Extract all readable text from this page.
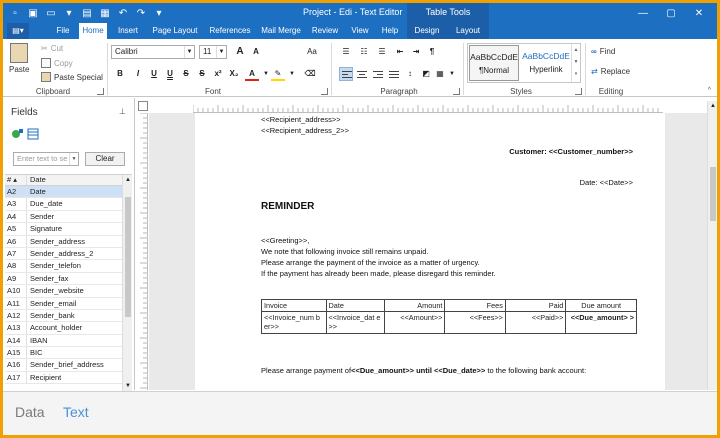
▫	▣ ▭	▾	▤ ▦ ↶ ↷	▾	Table Tools
Project - Edi - Text Editor	—	▢	✕
▤▾	File	Home	Insert	Page Layout	References	Mail Merge	Review	View	Help	Design	Layout
Paste
✂ Cut
Copy
Paste Special
Clipboard
Calibri	▼	11	▼	A	A	Aa
B	I	U	U	S	S	x² X₂	A	▼ ✎	▼	⌫
Font
☰	☷	☰	⇤	⇥	¶
↕	◩ ▦ ▼
Paragraph
AaBbCcDdE
¶Normal
AaBbCcDdE
Hyperlink
▲
▼
▾
Styles
∞ Find
⇄ Replace
Editing	^
Fields	⊥
Enter text to se ▼	Clear
# ▴	Date
A2	Date
A3	Due_date
A4	Sender
A5	Signature
A6	Sender_address
A7	Sender_address_2
A8	Sender_telefon
A9	Sender_fax
A10	Sender_website
A11	Sender_email
A12	Sender_bank
A13	Account_holder
A14	IBAN
A15	BIC
A16	Sender_brief_address
A17	Recipient
▲
▼
<<Recipient_address>>
<<Recipient_address_2>>
Customer: <<Customer_number>>
Date: <<Date>>
REMINDER
<<Greeting>>,
We note that following invoice still remains unpaid.
Please arrange the payment of the invoice as a matter of urgency.
If the payment has already been made, please disregard this reminder.
Invoice	Date	Amount	Fees	Paid	Due amount
<<Invoice_num ber>>	<<Invoice_dat e>>	<<Amount>>	<<Fees>>	<<Paid>>	<<Due_amount> >
Please arrange payment of<<Due_amount>> until <<Due_date>> to the following bank account:
▲
Data Text
